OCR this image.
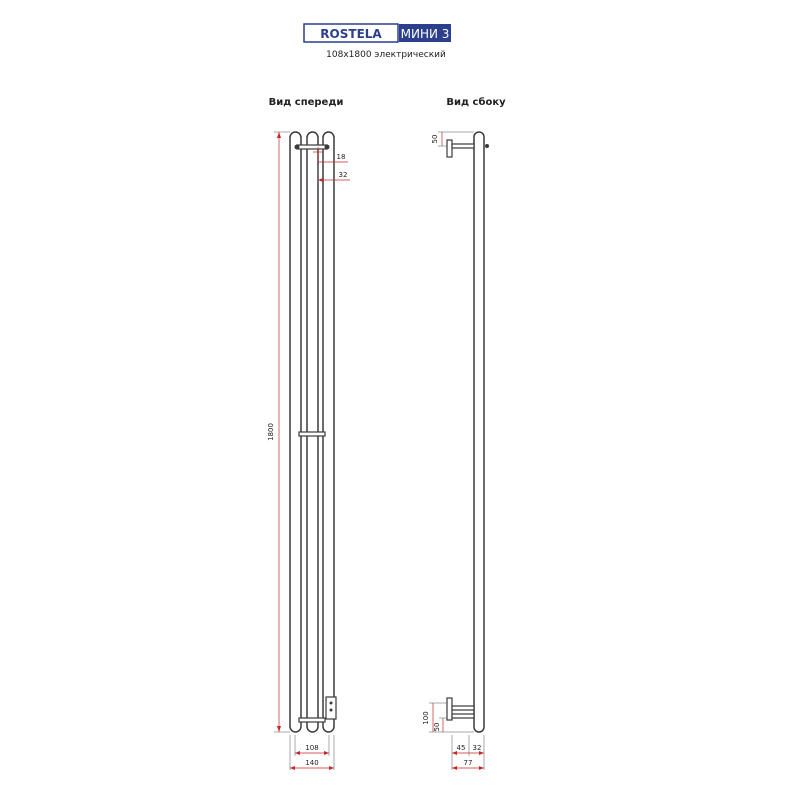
ROSTELA МИНИ 3
108x1800 электрический
Вид спереди	Вид сбоку
1800
18
32
108
140
50
100
50
45 32
77
